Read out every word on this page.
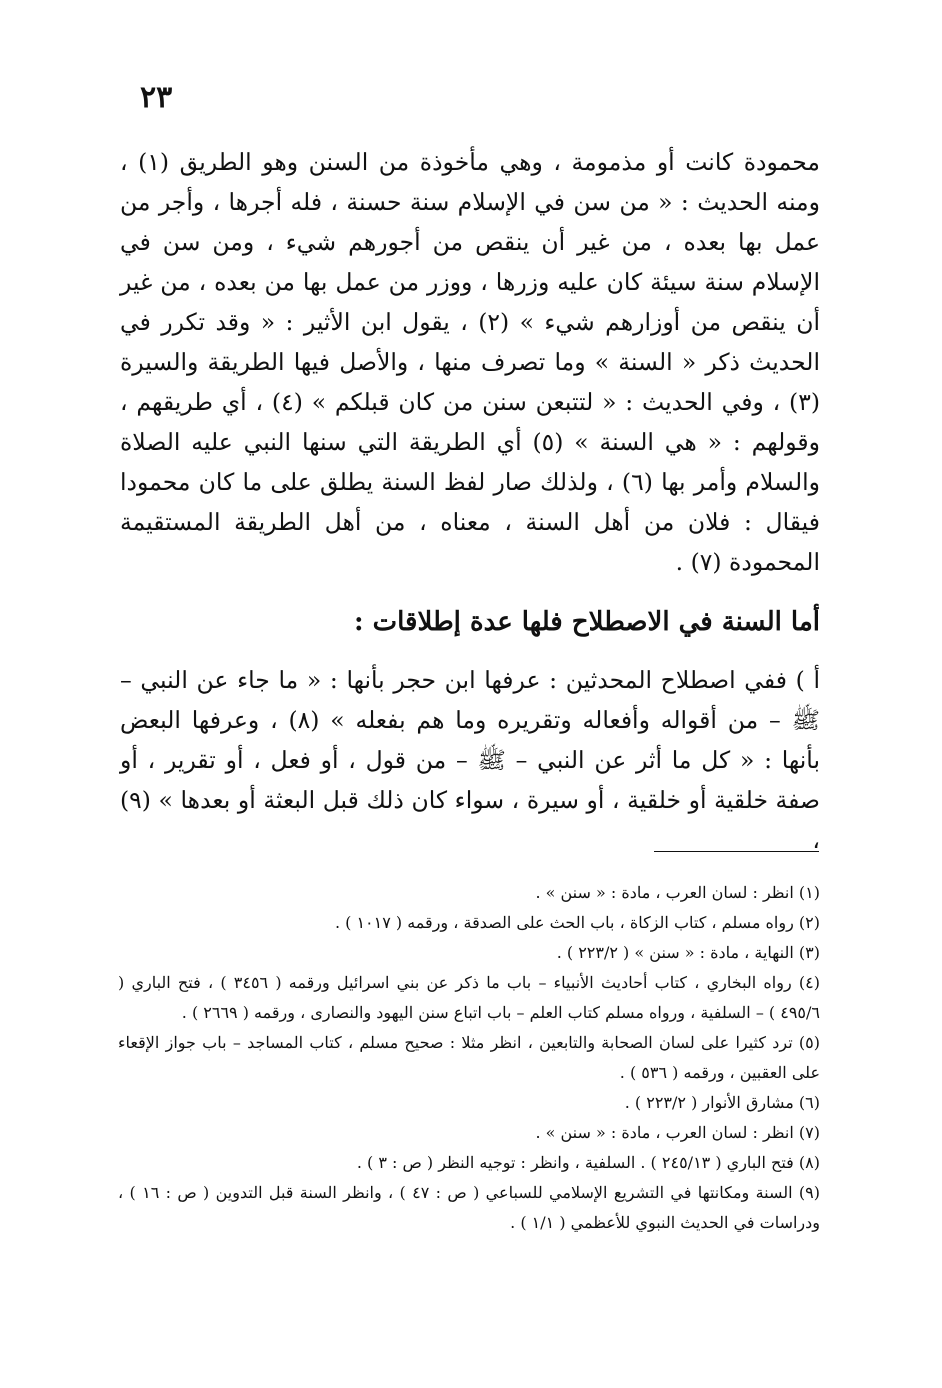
٢٣

محمودة كانت أو مذمومة ، وهي مأخوذة من السنن وهو الطريق (١) ، ومنه الحديث : « من سن في الإسلام سنة حسنة ، فله أجرها ، وأجر من عمل بها بعده ، من غير أن ينقص من أجورهم شيء ، ومن سن في الإسلام سنة سيئة كان عليه وزرها ، ووزر من عمل بها من بعده ، من غير أن ينقص من أوزارهم شيء » (٢) ، يقول ابن الأثير : « وقد تكرر في الحديث ذكر « السنة » وما تصرف منها ، والأصل فيها الطريقة والسيرة (٣) ، وفي الحديث : « لتتبعن سنن من كان قبلكم » (٤) ، أي طريقهم ، وقولهم : « هي السنة » (٥) أي الطريقة التي سنها النبي عليه الصلاة والسلام وأمر بها (٦) ، ولذلك صار لفظ السنة يطلق على ما كان محمودا فيقال : فلان من أهل السنة ، معناه ، من أهل الطريقة المستقيمة المحمودة (٧) .

أما السنة في الاصطلاح فلها عدة إطلاقات :

أ ) ففي اصطلاح المحدثين : عرفها ابن حجر بأنها : « ما جاء عن النبي – ﷺ – من أقواله وأفعاله وتقريره وما هم بفعله » (٨) ، وعرفها البعض بأنها : « كل ما أثر عن النبي – ﷺ – من قول ، أو فعل ، أو تقرير ، أو صفة خلقية أو خلقية ، أو سيرة ، سواء كان ذلك قبل البعثة أو بعدها » (٩) ،

(١) انظر : لسان العرب ، مادة : « سنن » .

(٢) رواه مسلم ، كتاب الزكاة ، باب الحث على الصدقة ، ورقمه ( ١٠١٧ ) .

(٣) النهاية ، مادة : « سنن » ( ٢٢٣/٢ ) .

(٤) رواه البخاري ، كتاب أحاديث الأنبياء – باب ما ذكر عن بني اسرائيل ورقمه ( ٣٤٥٦ ) ، فتح الباري ( ٤٩٥/٦ ) – السلفية ، ورواه مسلم كتاب العلم – باب اتباع سنن اليهود والنصارى ، ورقمه ( ٢٦٦٩ ) .

(٥) ترد كثيرا على لسان الصحابة والتابعين ، انظر مثلا : صحيح مسلم ، كتاب المساجد – باب جواز الإقعاء على العقبين ، ورقمه ( ٥٣٦ ) .

(٦) مشارق الأنوار ( ٢٢٣/٢ ) .

(٧) انظر : لسان العرب ، مادة : « سنن » .

(٨) فتح الباري ( ٢٤٥/١٣ ) . السلفية ، وانظر : توجيه النظر ( ص : ٣ ) .

(٩) السنة ومكانتها في التشريع الإسلامي للسباعي ( ص : ٤٧ ) ، وانظر السنة قبل التدوين ( ص : ١٦ ) ، ودراسات في الحديث النبوي للأعظمي ( ١/١ ) .
